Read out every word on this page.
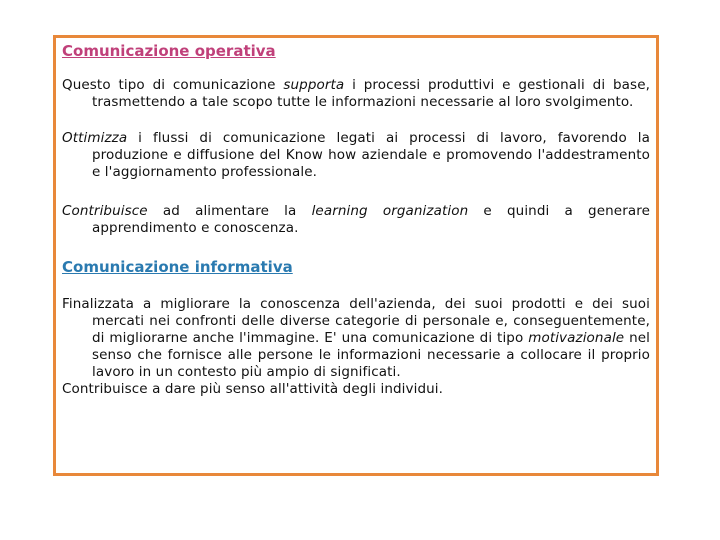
Comunicazione operativa

Questo tipo di comunicazione supporta i processi produttivi e gestionali di base, trasmettendo a tale scopo tutte le informazioni necessarie al loro svolgimento.

Ottimizza i flussi di comunicazione legati ai processi di lavoro, favorendo la produzione e diffusione del Know how aziendale e promovendo l'addestramento e l'aggiornamento professionale.

Contribuisce ad alimentare la learning organization e quindi a generare apprendimento e conoscenza.

Comunicazione informativa

Finalizzata a migliorare la conoscenza dell'azienda, dei suoi prodotti e dei suoi mercati nei confronti delle diverse categorie di personale e, conseguentemente, di migliorarne anche l'immagine. E' una comunicazione di tipo motivazionale nel senso che fornisce alle persone le informazioni necessarie a collocare il proprio lavoro in un contesto più ampio di significati.

Contribuisce a dare più senso all'attività degli individui.
